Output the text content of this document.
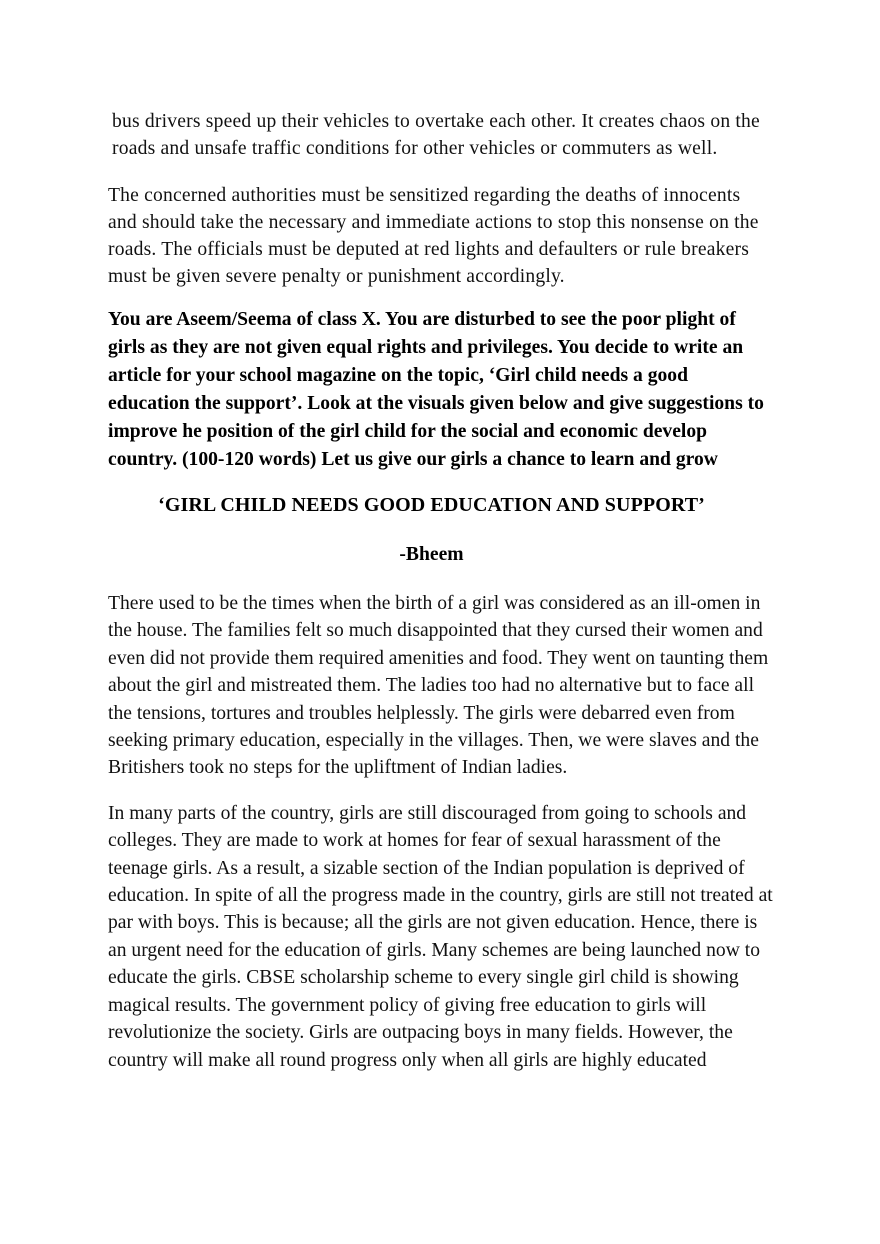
bus drivers speed up their vehicles to overtake each other. It creates chaos on the roads and unsafe traffic conditions for other vehicles or commuters as well.

The concerned authorities must be sensitized regarding the deaths of innocents and should take the necessary and immediate actions to stop this nonsense on the roads. The officials must be deputed at red lights and defaulters or rule breakers must be given severe penalty or punishment accordingly.

You are Aseem/Seema of class X. You are disturbed to see the poor plight of girls as they are not given equal rights and privileges. You decide to write an article for your school magazine on the topic, ‘Girl child needs a good education the support’. Look at the visuals given below and give suggestions to improve he position of the girl child for the social and economic develop country. (100-120 words) Let us give our girls a chance to learn and grow

‘GIRL CHILD NEEDS GOOD EDUCATION AND SUPPORT’
-Bheem

There used to be the times when the birth of a girl was considered as an ill-omen in the house. The families felt so much disappointed that they cursed their women and even did not provide them required amenities and food. They went on taunting them about the girl and mistreated them. The ladies too had no alternative but to face all the tensions, tortures and troubles helplessly. The girls were debarred even from seeking primary education, especially in the villages. Then, we were slaves and the Britishers took no steps for the upliftment of Indian ladies.

In many parts of the country, girls are still discouraged from going to schools and colleges. They are made to work at homes for fear of sexual harassment of the teenage girls. As a result, a sizable section of the Indian population is deprived of education. In spite of all the progress made in the country, girls are still not treated at par with boys. This is because; all the girls are not given education. Hence, there is an urgent need for the education of girls. Many schemes are being launched now to educate the girls. CBSE scholarship scheme to every single girl child is showing magical results. The government policy of giving free education to girls will revolutionize the society. Girls are outpacing boys in many fields. However, the country will make all round progress only when all girls are highly educated
